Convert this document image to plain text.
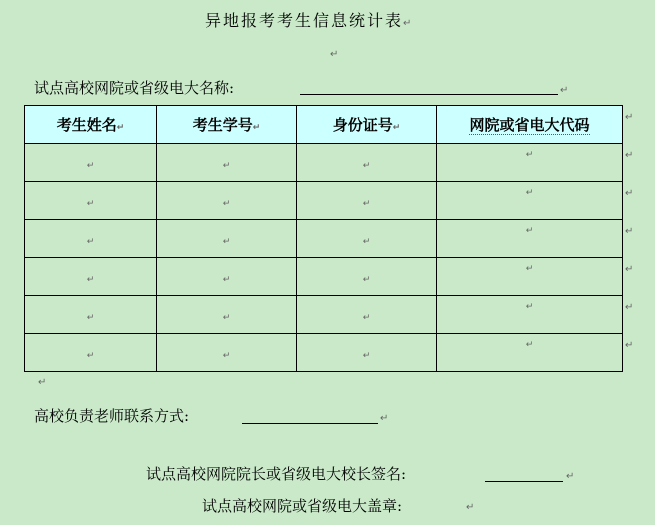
异地报考考生信息统计表↵
↵
试点高校网院或省级电大名称:	↵
考生姓名↵	考生学号↵	身份证号↵	网院或省电大代码
↵	↵	↵	↵

↵	↵	↵	↵

↵	↵	↵	↵

↵	↵	↵	↵

↵	↵	↵	↵

↵	↵	↵	↵
↵
↵
↵
↵
↵
↵
↵
↵
高校负责老师联系方式:	↵
试点高校网院院长或省级电大校长签名:	↵
试点高校网院或省级电大盖章:	↵
